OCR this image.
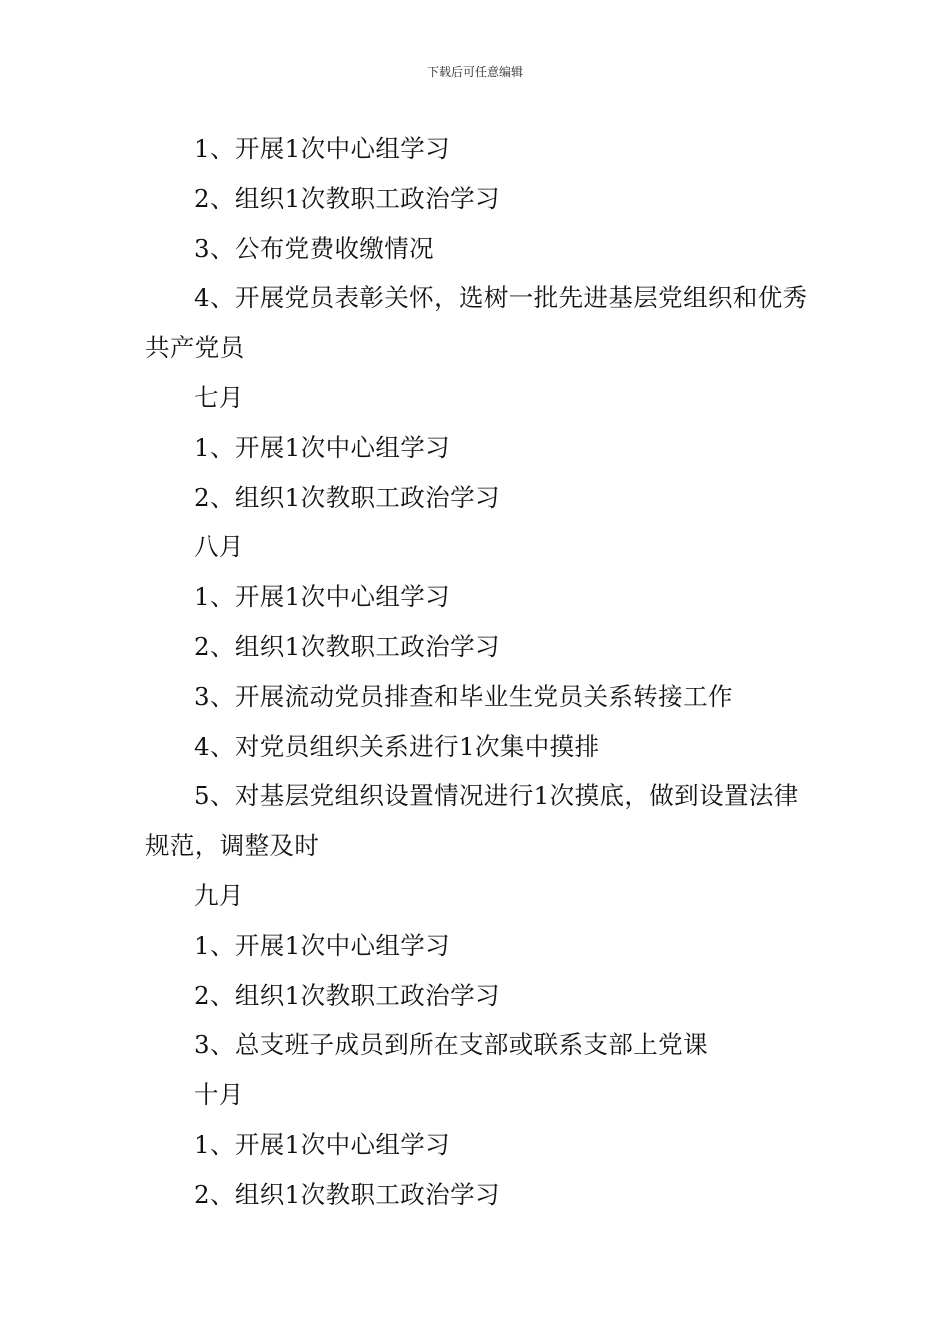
下载后可任意编辑

1、开展1次中心组学习

2、组织1次教职工政治学习

3、公布党费收缴情况

4、开展党员表彰关怀，选树一批先进基层党组织和优秀共产党员

七月

1、开展1次中心组学习

2、组织1次教职工政治学习

八月

1、开展1次中心组学习

2、组织1次教职工政治学习

3、开展流动党员排查和毕业生党员关系转接工作

4、对党员组织关系进行1次集中摸排

5、对基层党组织设置情况进行1次摸底，做到设置法律规范，调整及时

九月

1、开展1次中心组学习

2、组织1次教职工政治学习

3、总支班子成员到所在支部或联系支部上党课

十月

1、开展1次中心组学习

2、组织1次教职工政治学习
